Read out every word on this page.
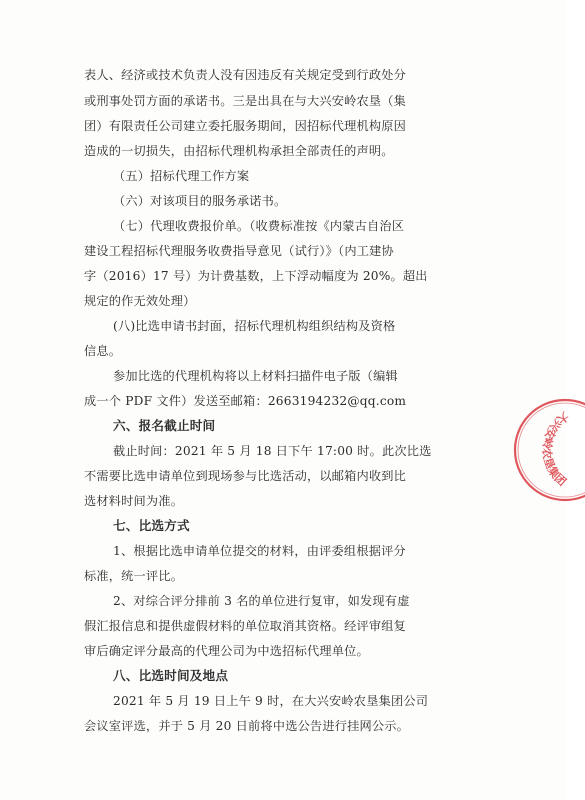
表人、经济或技术负责人没有因违反有关规定受到行政处分
或刑事处罚方面的承诺书。三是出具在与大兴安岭农垦（集
团）有限责任公司建立委托服务期间，因招标代理机构原因
造成的一切损失，由招标代理机构承担全部责任的声明。
（五）招标代理工作方案
（六）对该项目的服务承诺书。
（七）代理收费报价单。（收费标准按《内蒙古自治区
建设工程招标代理服务收费指导意见（试行）》（内工建协
字（2016）17 号）为计费基数，上下浮动幅度为 20%。超出
规定的作无效处理）
(八)比选申请书封面，招标代理机构组织结构及资格
信息。
参加比选的代理机构将以上材料扫描件电子版（编辑
成一个 PDF 文件）发送至邮箱：2663194232@qq.com
六、报名截止时间
截止时间：2021 年 5 月 18 日下午 17:00 时。此次比选
不需要比选申请单位到现场参与比选活动，以邮箱内收到比
选材料时间为准。
七、比选方式
1、根据比选申请单位提交的材料，由评委组根据评分
标准，统一评比。
2、对综合评分排前 3 名的单位进行复审，如发现有虚
假汇报信息和提供虚假材料的单位取消其资格。经评审组复
审后确定评分最高的代理公司为中选招标代理单位。
八、比选时间及地点
2021 年 5 月 19 日上午 9 时，在大兴安岭农垦集团公司
会议室评选，并于 5 月 20 日前将中选公告进行挂网公示。
大兴安岭农垦集团有限责任公司
